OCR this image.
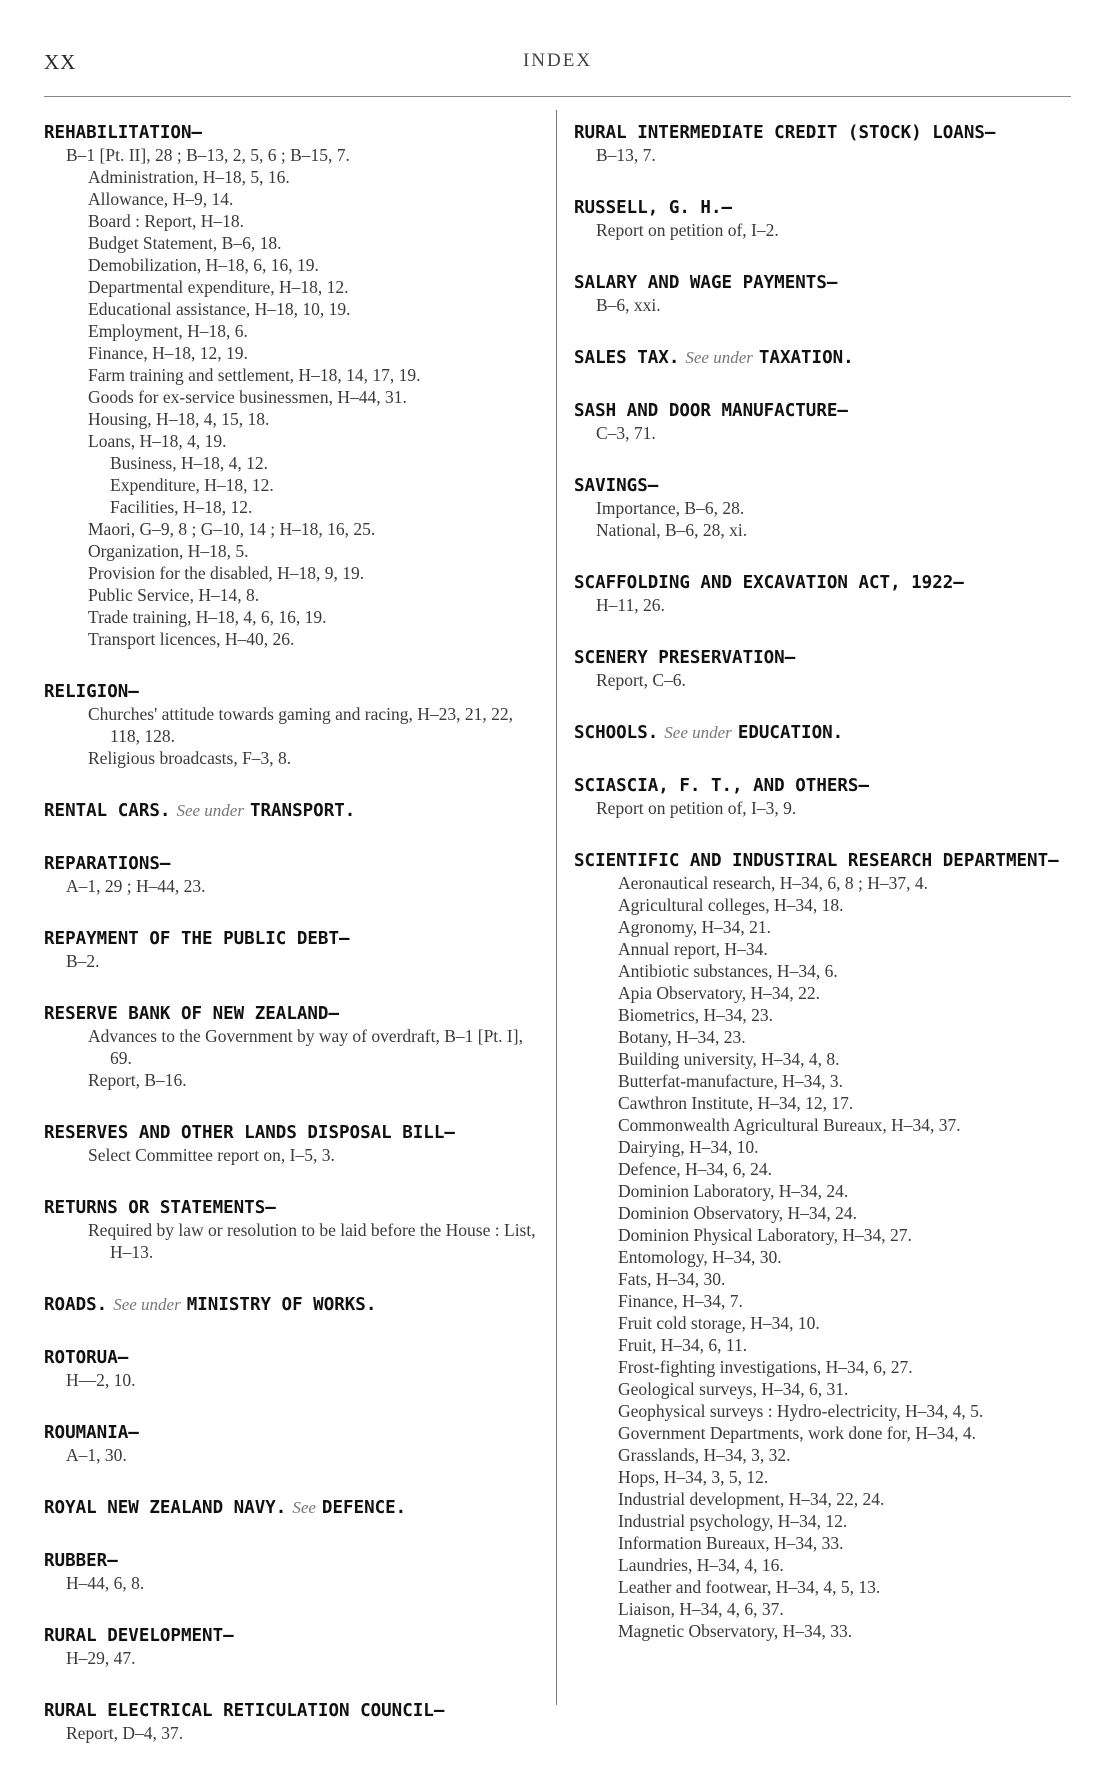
XX	INDEX
REHABILITATION—
B–1 [Pt. II], 28 ; B–13, 2, 5, 6 ; B–15, 7.
Administration, H–18, 5, 16.
Allowance, H–9, 14.
Board : Report, H–18.
Budget Statement, B–6, 18.
Demobilization, H–18, 6, 16, 19.
Departmental expenditure, H–18, 12.
Educational assistance, H–18, 10, 19.
Employment, H–18, 6.
Finance, H–18, 12, 19.
Farm training and settlement, H–18, 14, 17, 19.
Goods for ex-service businessmen, H–44, 31.
Housing, H–18, 4, 15, 18.
Loans, H–18, 4, 19.
Business, H–18, 4, 12.
Expenditure, H–18, 12.
Facilities, H–18, 12.
Maori, G–9, 8 ; G–10, 14 ; H–18, 16, 25.
Organization, H–18, 5.
Provision for the disabled, H–18, 9, 19.
Public Service, H–14, 8.
Trade training, H–18, 4, 6, 16, 19.
Transport licences, H–40, 26.
RELIGION—
Churches' attitude towards gaming and racing, H–23, 21, 22, 118, 128.
Religious broadcasts, F–3, 8.
RENTAL CARS. See under TRANSPORT.
REPARATIONS—
A–1, 29 ; H–44, 23.
REPAYMENT OF THE PUBLIC DEBT—
B–2.
RESERVE BANK OF NEW ZEALAND—
Advances to the Government by way of overdraft, B–1 [Pt. I], 69.
Report, B–16.
RESERVES AND OTHER LANDS DISPOSAL BILL—
Select Committee report on, I–5, 3.
RETURNS OR STATEMENTS—
Required by law or resolution to be laid before the House : List, H–13.
ROADS. See under MINISTRY OF WORKS.
ROTORUA—
H—2, 10.
ROUMANIA—
A–1, 30.
ROYAL NEW ZEALAND NAVY. See DEFENCE.
RUBBER—
H–44, 6, 8.
RURAL DEVELOPMENT—
H–29, 47.
RURAL ELECTRICAL RETICULATION COUNCIL—
Report, D–4, 37.
RURAL INTERMEDIATE CREDIT (STOCK) LOANS—
B–13, 7.
RUSSELL, G. H.—
Report on petition of, I–2.
SALARY AND WAGE PAYMENTS—
B–6, xxi.
SALES TAX. See under TAXATION.
SASH AND DOOR MANUFACTURE—
C–3, 71.
SAVINGS—
Importance, B–6, 28.
National, B–6, 28, xi.
SCAFFOLDING AND EXCAVATION ACT, 1922—
H–11, 26.
SCENERY PRESERVATION—
Report, C–6.
SCHOOLS. See under EDUCATION.
SCIASCIA, F. T., AND OTHERS—
Report on petition of, I–3, 9.
SCIENTIFIC AND INDUSTIRAL RESEARCH DEPARTMENT—
Aeronautical research, H–34, 6, 8 ; H–37, 4.
Agricultural colleges, H–34, 18.
Agronomy, H–34, 21.
Annual report, H–34.
Antibiotic substances, H–34, 6.
Apia Observatory, H–34, 22.
Biometrics, H–34, 23.
Botany, H–34, 23.
Building university, H–34, 4, 8.
Butterfat-manufacture, H–34, 3.
Cawthron Institute, H–34, 12, 17.
Commonwealth Agricultural Bureaux, H–34, 37.
Dairying, H–34, 10.
Defence, H–34, 6, 24.
Dominion Laboratory, H–34, 24.
Dominion Observatory, H–34, 24.
Dominion Physical Laboratory, H–34, 27.
Entomology, H–34, 30.
Fats, H–34, 30.
Finance, H–34, 7.
Fruit cold storage, H–34, 10.
Fruit, H–34, 6, 11.
Frost-fighting investigations, H–34, 6, 27.
Geological surveys, H–34, 6, 31.
Geophysical surveys : Hydro-electricity, H–34, 4, 5.
Government Departments, work done for, H–34, 4.
Grasslands, H–34, 3, 32.
Hops, H–34, 3, 5, 12.
Industrial development, H–34, 22, 24.
Industrial psychology, H–34, 12.
Information Bureaux, H–34, 33.
Laundries, H–34, 4, 16.
Leather and footwear, H–34, 4, 5, 13.
Liaison, H–34, 4, 6, 37.
Magnetic Observatory, H–34, 33.
